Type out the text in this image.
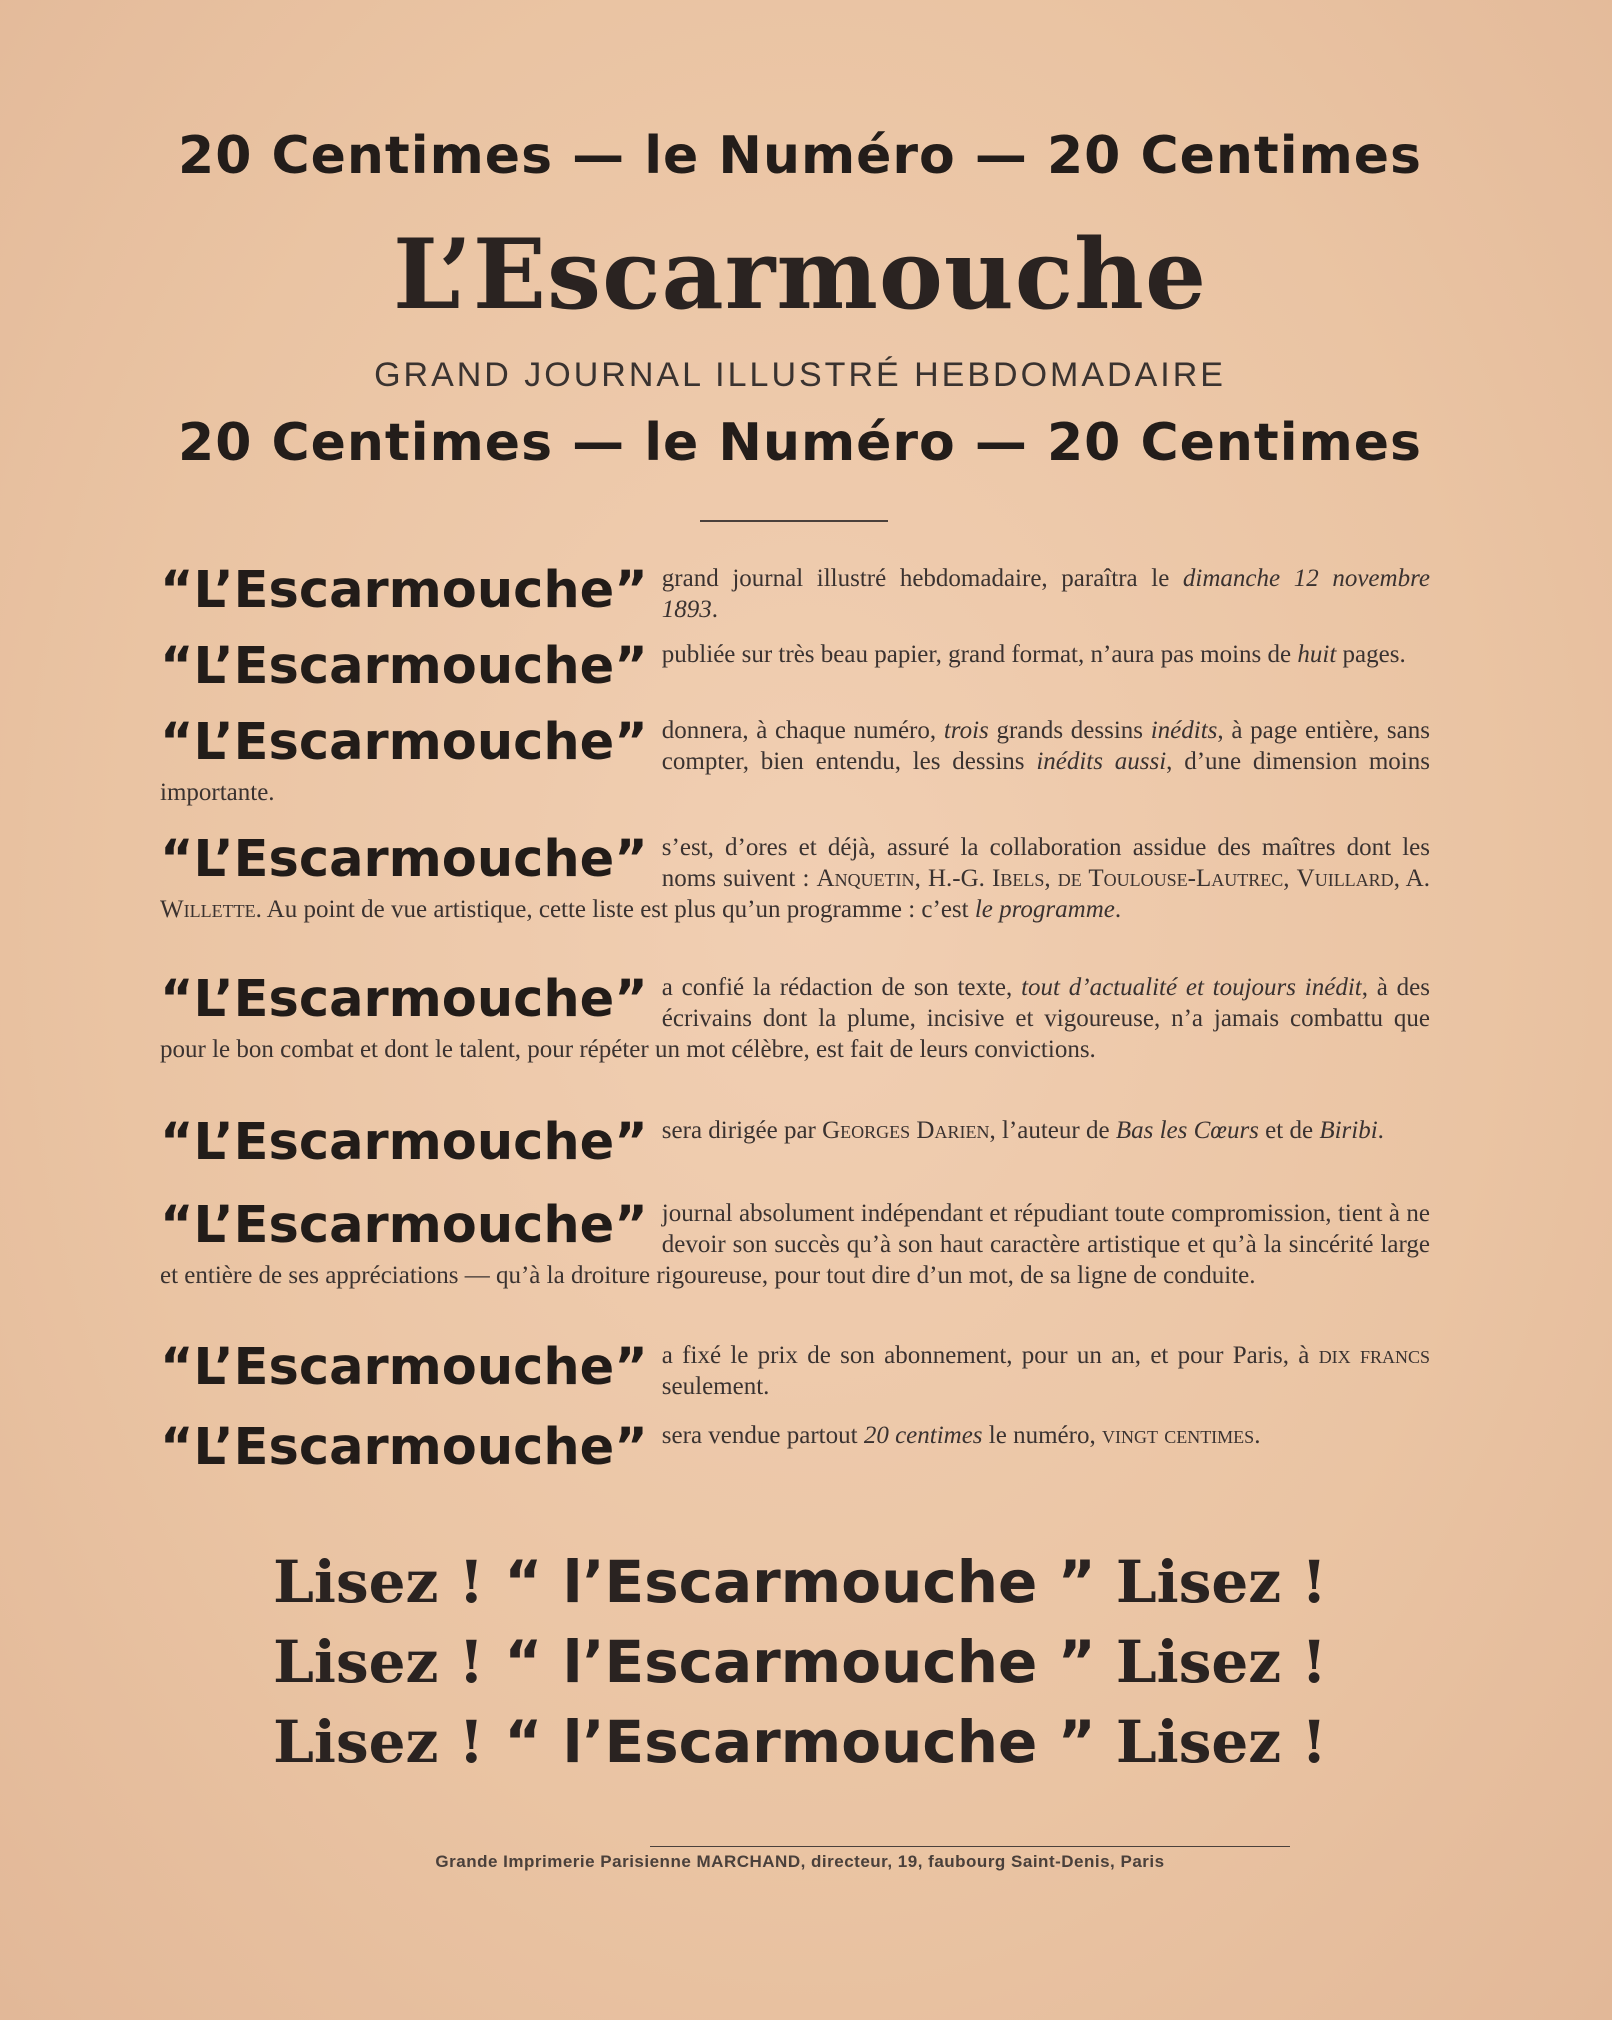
20 Centimes — le Numéro — 20 Centimes
L’Escarmouche
GRAND JOURNAL ILLUSTRÉ HEBDOMADAIRE
20 Centimes — le Numéro — 20 Centimes
“L’Escarmouche” grand journal illustré hebdomadaire, paraîtra le dimanche 12 novembre 1893.
“L’Escarmouche” publiée sur très beau papier, grand format, n’aura pas moins de huit pages.
“L’Escarmouche” donnera, à chaque numéro, trois grands dessins inédits, à page entière, sans compter, bien entendu, les dessins inédits aussi, d’une dimension moins importante.
“L’Escarmouche” s’est, d’ores et déjà, assuré la collaboration assidue des maîtres dont les noms suivent : Anquetin, H.-G. Ibels, de Toulouse-Lautrec, Vuillard, A. Willette. Au point de vue artistique, cette liste est plus qu’un programme : c’est le programme.
“L’Escarmouche” a confié la rédaction de son texte, tout d’actualité et toujours inédit, à des écrivains dont la plume, incisive et vigoureuse, n’a jamais combattu que pour le bon combat et dont le talent, pour répéter un mot célèbre, est fait de leurs convictions.
“L’Escarmouche” sera dirigée par Georges Darien, l’auteur de Bas les Cœurs et de Biribi.
“L’Escarmouche” journal absolument indépendant et répudiant toute compromission, tient à ne devoir son succès qu’à son haut caractère artistique et qu’à la sincérité large et entière de ses appréciations — qu’à la droiture rigoureuse, pour tout dire d’un mot, de sa ligne de conduite.
“L’Escarmouche” a fixé le prix de son abonnement, pour un an, et pour Paris, à dix francs seulement.
“L’Escarmouche” sera vendue partout 20 centimes le numéro, vingt centimes.
Lisez ! “ l’Escarmouche ” Lisez !
Lisez ! “ l’Escarmouche ” Lisez !
Lisez ! “ l’Escarmouche ” Lisez !
Grande Imprimerie Parisienne MARCHAND, directeur, 19, faubourg Saint-Denis, Paris
